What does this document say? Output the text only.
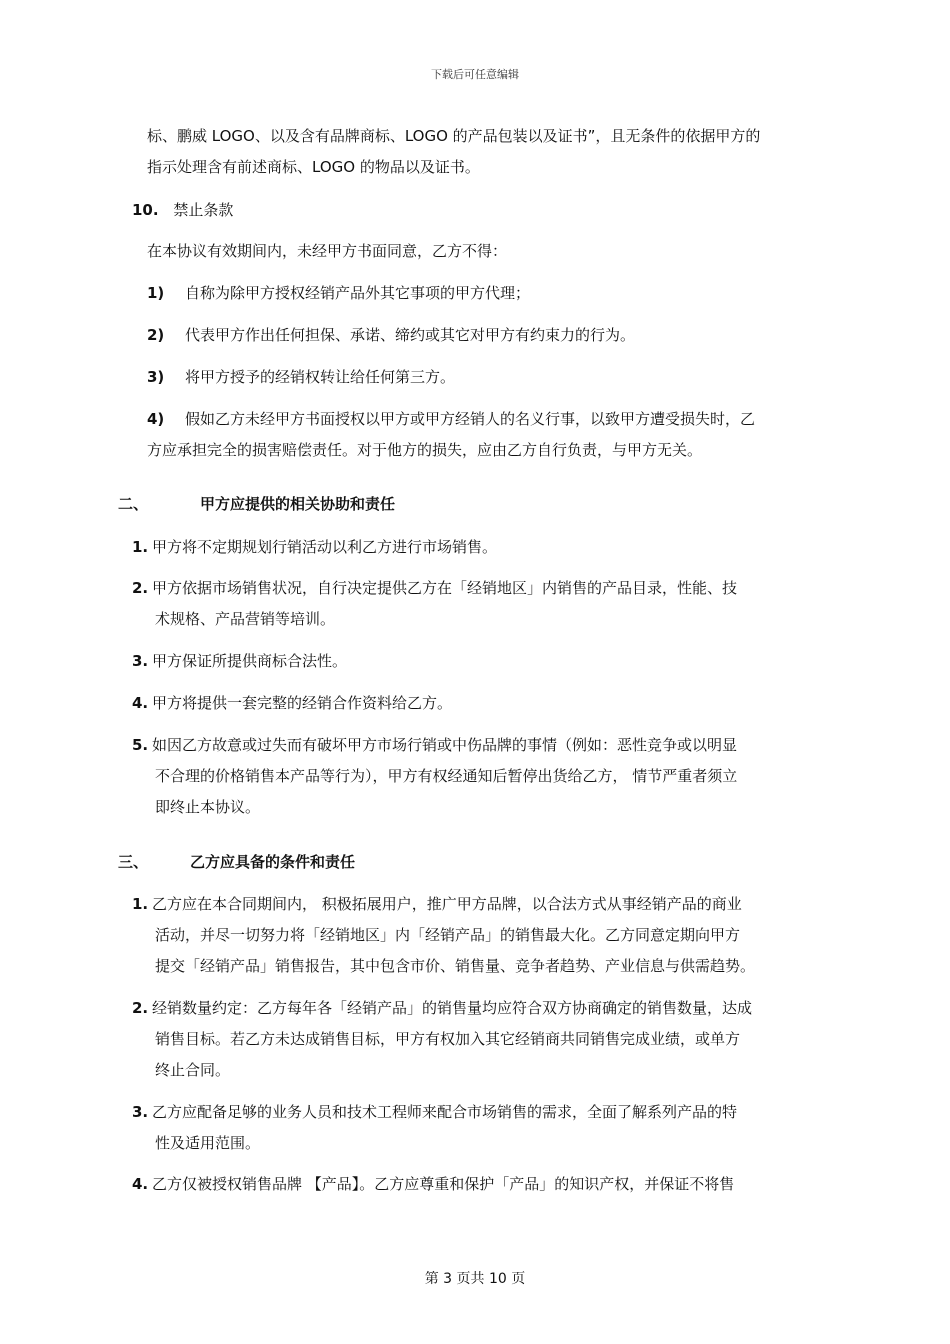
下载后可任意编辑
标、鹏威 LOGO、以及含有品牌商标、LOGO 的产品包装以及证书”，且无条件的依据甲方的
指示处理含有前述商标、LOGO 的物品以及证书。
10. 禁止条款
在本协议有效期间内，未经甲方书面同意，乙方不得：
1) 自称为除甲方授权经销产品外其它事项的甲方代理；
2) 代表甲方作出任何担保、承诺、缔约或其它对甲方有约束力的行为。
3) 将甲方授予的经销权转让给任何第三方。
4) 假如乙方未经甲方书面授权以甲方或甲方经销人的名义行事，以致甲方遭受损失时，乙
方应承担完全的损害赔偿责任。对于他方的损失，应由乙方自行负责，与甲方无关。
二、	甲方应提供的相关协助和责任
1. 甲方将不定期规划行销活动以利乙方进行市场销售。
2. 甲方依据市场销售状况，自行决定提供乙方在「经销地区」内销售的产品目录，性能、技
术规格、产品营销等培训。
3. 甲方保证所提供商标合法性。
4. 甲方将提供一套完整的经销合作资料给乙方。
5. 如因乙方故意或过失而有破坏甲方市场行销或中伤品牌的事情（例如：恶性竞争或以明显
不合理的价格销售本产品等行为），甲方有权经通知后暂停出货给乙方， 情节严重者须立
即终止本协议。
三、	乙方应具备的条件和责任
1. 乙方应在本合同期间内， 积极拓展用户，推广甲方品牌，以合法方式从事经销产品的商业
活动，并尽一切努力将「经销地区」内「经销产品」的销售最大化。乙方同意定期向甲方
提交「经销产品」销售报告，其中包含市价、销售量、竞争者趋势、产业信息与供需趋势。
2. 经销数量约定：乙方每年各「经销产品」的销售量均应符合双方协商确定的销售数量，达成
销售目标。若乙方未达成销售目标，甲方有权加入其它经销商共同销售完成业绩，或单方
终止合同。
3. 乙方应配备足够的业务人员和技术工程师来配合市场销售的需求，全面了解系列产品的特
性及适用范围。
4. 乙方仅被授权销售品牌 【产品】。乙方应尊重和保护「产品」的知识产权，并保证不将售
第 3 页共 10 页
